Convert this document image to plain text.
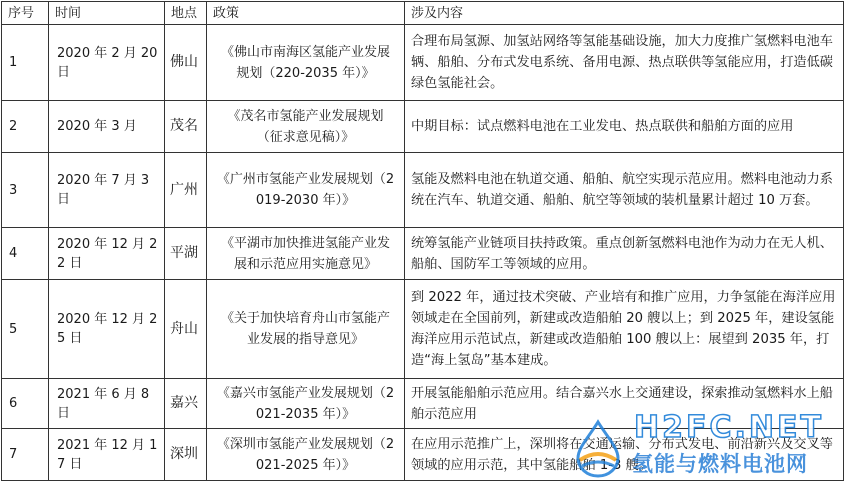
序号	时间	地点	政策	涉及内容
1	2020 年 2 月 20 日	佛山	《佛山市南海区氢能产业发展规划（220-2035 年）》	合理布局氢源、加氢站网络等氢能基础设施，加大力度推广氢燃料电池车辆、船舶、分布式发电系统、备用电源、热点联供等氢能应用，打造低碳绿色氢能社会。
2	2020 年 3 月	茂名	《茂名市氢能产业发展规划（征求意见稿）》	中期目标：试点燃料电池在工业发电、热点联供和船舶方面的应用
3	2020 年 7 月 3 日	广州	《广州市氢能产业发展规划（2019-2030 年）》	氢能及燃料电池在轨道交通、船舶、航空实现示范应用。燃料电池动力系统在汽车、轨道交通、船舶、航空等领域的装机量累计超过 10 万套。
4	2020 年 12 月 22 日	平湖	《平湖市加快推进氢能产业发展和示范应用实施意见》	统筹氢能产业链项目扶持政策。重点创新氢燃料电池作为动力在无人机、船舶、国防军工等领域的应用。
5	2020 年 12 月 25 日	舟山	《关于加快培育舟山市氢能产业发展的指导意见》	到 2022 年，通过技术突破、产业培有和推广应用，力争氢能在海洋应用领域走在全国前列，新建或改造船舶 20 艘以上；到 2025 年，建设氢能海洋应用示范试点，新建或改造船舶 100 艘以上：展望到 2035 年，打造“海上氢岛”基本建成。
6	2021 年 6 月 8 日	嘉兴	《嘉兴市氢能产业发展规划（2021-2035 年）》	开展氢能船舶示范应用。结合嘉兴水上交通建设，探索推动氢燃料水上船舶示范应用
7	2021 年 12 月 17 日	深圳	《深圳市氢能产业发展规划（2021-2025 年）》	在应用示范推广上，深圳将在交通运输、分布式发电、前沿新兴及交叉等领域的应用示范，其中氢能船舶 1-3 艘。
H2FC.NET
氢能与燃料电池网
